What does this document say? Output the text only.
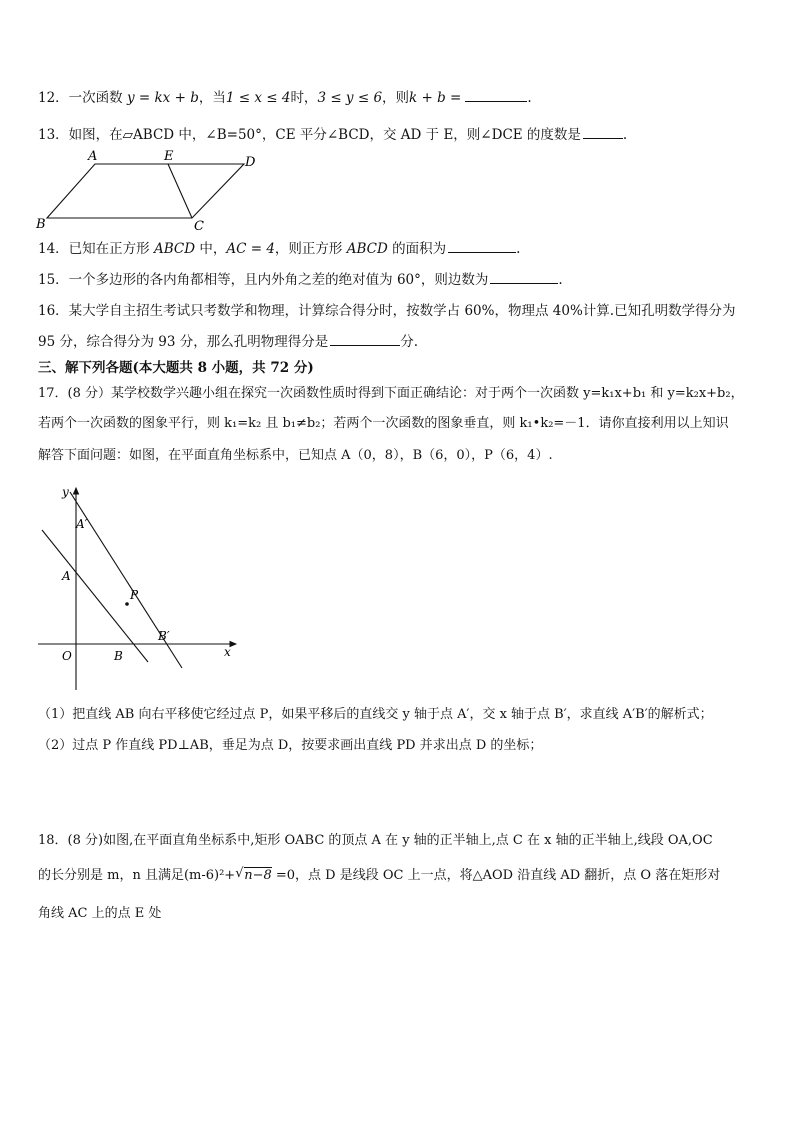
12．一次函数 y = kx + b，当1 ≤ x ≤ 4时，3 ≤ y ≤ 6，则k + b =	.
13．如图，在▱ABCD 中，∠B=50°，CE 平分∠BCD，交 AD 于 E，则∠DCE 的度数是	.
A	E	D
B	C
14．已知在正方形 ABCD 中，AC = 4，则正方形 ABCD 的面积为	.
15．一个多边形的各内角都相等，且内外角之差的绝对值为 60°，则边数为	.
16．某大学自主招生考试只考数学和物理，计算综合得分时，按数学占 60%，物理点 40%计算.已知孔明数学得分为
95 分，综合得分为 93 分，那么孔明物理得分是	分.
三、解下列各题(本大题共 8 小题，共 72 分)
17．(8 分）某学校数学兴趣小组在探究一次函数性质时得到下面正确结论：对于两个一次函数 y=k₁x+b₁ 和 y=k₂x+b₂，
若两个一次函数的图象平行，则 k₁=k₂ 且 b₁≠b₂；若两个一次函数的图象垂直，则 k₁•k₂=－1．请你直接利用以上知识
解答下面问题：如图，在平面直角坐标系中，已知点 A（0，8），B（6，0），P（6，4）.
y
A′
A
P
B′
O	B	x
（1）把直线 AB 向右平移使它经过点 P，如果平移后的直线交 y 轴于点 A′，交 x 轴于点 B′，求直线 A′B′的解析式；
（2）过点 P 作直线 PD⊥AB，垂足为点 D，按要求画出直线 PD 并求出点 D 的坐标；
18．(8 分)如图,在平面直角坐标系中,矩形 OABC 的顶点 A 在 y 轴的正半轴上,点 C 在 x 轴的正半轴上,线段 OA,OC
的长分别是 m，n 且满足(m-6)²+ √ n−8 =0，点 D 是线段 OC 上一点，将△AOD 沿直线 AD 翻折，点 O 落在矩形对
角线 AC 上的点 E 处
